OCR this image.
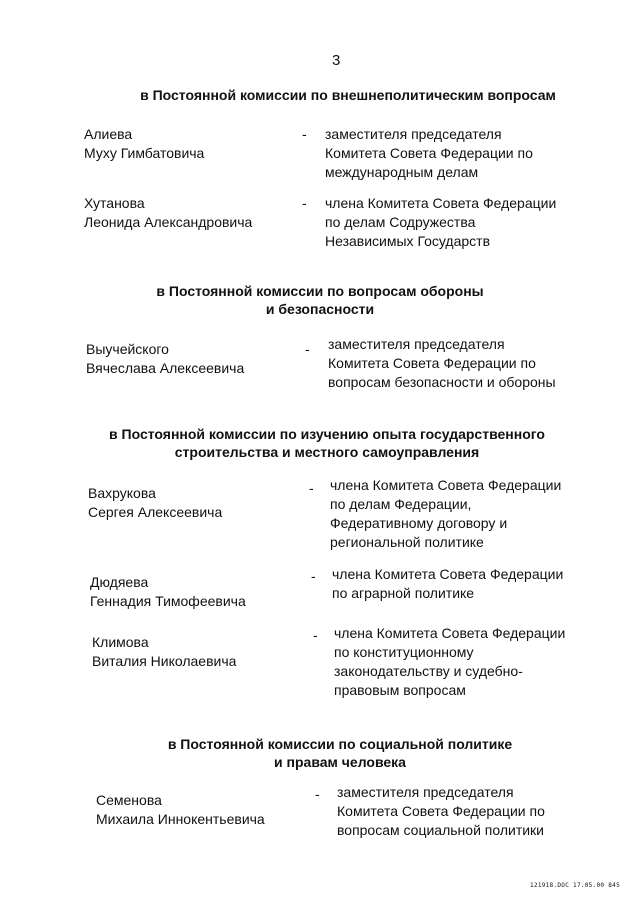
3
в Постоянной комиссии по внешнеполитическим вопросам
Алиева
Муху Гимбатовича
- заместителя председателя
Комитета Совета Федерации по
международным делам
Хутанова
Леонида Александровича
- члена Комитета Совета Федерации
по делам Содружества
Независимых Государств
в Постоянной комиссии по вопросам обороны
и безопасности
Выучейского
Вячеслава Алексеевича
- заместителя председателя
Комитета Совета Федерации по
вопросам безопасности и обороны
в Постоянной комиссии по изучению опыта государственного
строительства и местного самоуправления
Вахрукова
Сергея Алексеевича
- члена Комитета Совета Федерации
по делам Федерации,
Федеративному договору и
региональной политике
Дюдяева
Геннадия Тимофеевича
- члена Комитета Совета Федерации
по аграрной политике
Климова
Виталия Николаевича
- члена Комитета Совета Федерации
по конституционному
законодательству и судебно-
правовым вопросам
в Постоянной комиссии по социальной политике
и правам человека
Семенова
Михаила Иннокентьевича
- заместителя председателя
Комитета Совета Федерации по
вопросам социальной политики
121918.DOC 17.05.00 845
